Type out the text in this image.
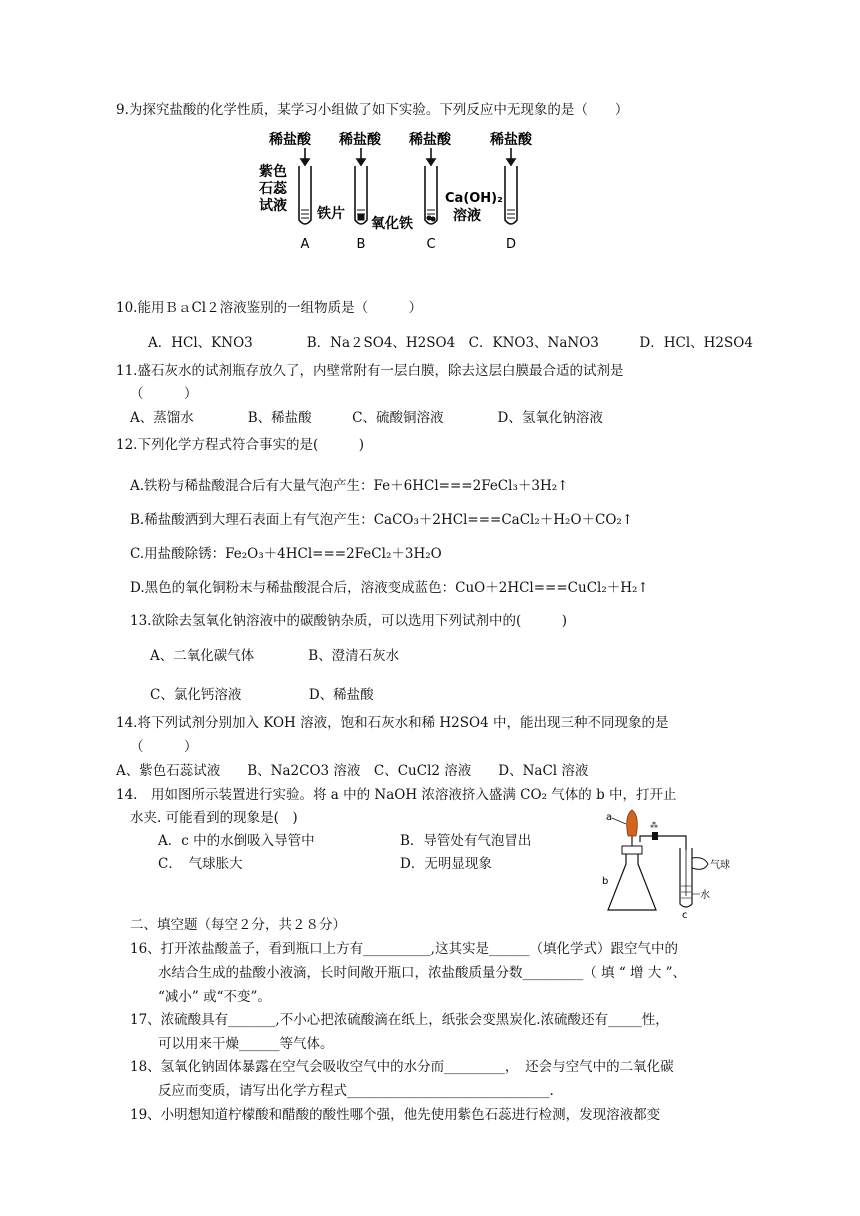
9.为探究盐酸的化学性质，某学习小组做了如下实验。下列反应中无现象的是（　　）
稀盐酸 稀盐酸 稀盐酸	稀盐酸
紫色
石蕊
试液 铁片
氧化铁
Ca(OH)₂
溶液
A	B	C	D
10.能用ＢａCl２溶液鉴别的一组物质是（　　　）
A．HCl、KNO3　　　　B．Na２SO4、H2SO4　C．KNO3、NaNO3　　　D．HCl、H2SO4
11.盛石灰水的试剂瓶存放久了，内壁常附有一层白膜，除去这层白膜最合适的试剂是
（　　　）
A、蒸馏水　　　　B、稀盐酸　　　C、硫酸铜溶液　　　　D、氢氧化钠溶液
12.下列化学方程式符合事实的是(　　　)
A.铁粉与稀盐酸混合后有大量气泡产生：Fe＋6HCl===2FeCl₃＋3H₂↑
B.稀盐酸洒到大理石表面上有气泡产生：CaCO₃＋2HCl===CaCl₂＋H₂O＋CO₂↑
C.用盐酸除锈：Fe₂O₃＋4HCl===2FeCl₂＋3H₂O
D.黑色的氧化铜粉末与稀盐酸混合后，溶液变成蓝色：CuO＋2HCl===CuCl₂＋H₂↑
13.欲除去氢氧化钠溶液中的碳酸钠杂质，可以选用下列试剂中的(　　　)
A、二氧化碳气体　　　　B、澄清石灰水
C、氯化钙溶液　　　　　D、稀盐酸
14.将下列试剂分别加入 KOH 溶液，饱和石灰水和稀 H2SO4 中，能出现三种不同现象的是
（　　　）
A、紫色石蕊试液　　B、Na2CO3 溶液　C、CuCl2 溶液　　D、NaCl 溶液
14.　用如图所示装置进行实验。将 a 中的 NaOH 浓溶液挤入盛满 CO₂ 气体的 b 中，打开止
水夹. 可能看到的现象是(　)
A．c 中的水倒吸入导管中	B．导管处有气泡冒出
C．　气球胀大	D．无明显现象
a
b
⁂
气球
水
c
二、填空题（每空２分，共２８分）
16、打开浓盐酸盖子，看到瓶口上方有__________,这其实是______（填化学式）跟空气中的
水结合生成的盐酸小液滴，长时间敞开瓶口，浓盐酸质量分数_________（ 填 “ 增 大 ”、
“减小” 或“不变”。
17、浓硫酸具有_______,不小心把浓硫酸滴在纸上，纸张会变黑炭化.浓硫酸还有_____性，
可以用来干燥______等气体。
18、氢氧化钠固体暴露在空气会吸收空气中的水分而_________，　还会与空气中的二氧化碳
反应而变质，请写出化学方程式______________________________.
19、小明想知道柠檬酸和醋酸的酸性哪个强，他先使用紫色石蕊进行检测，发现溶液都变
